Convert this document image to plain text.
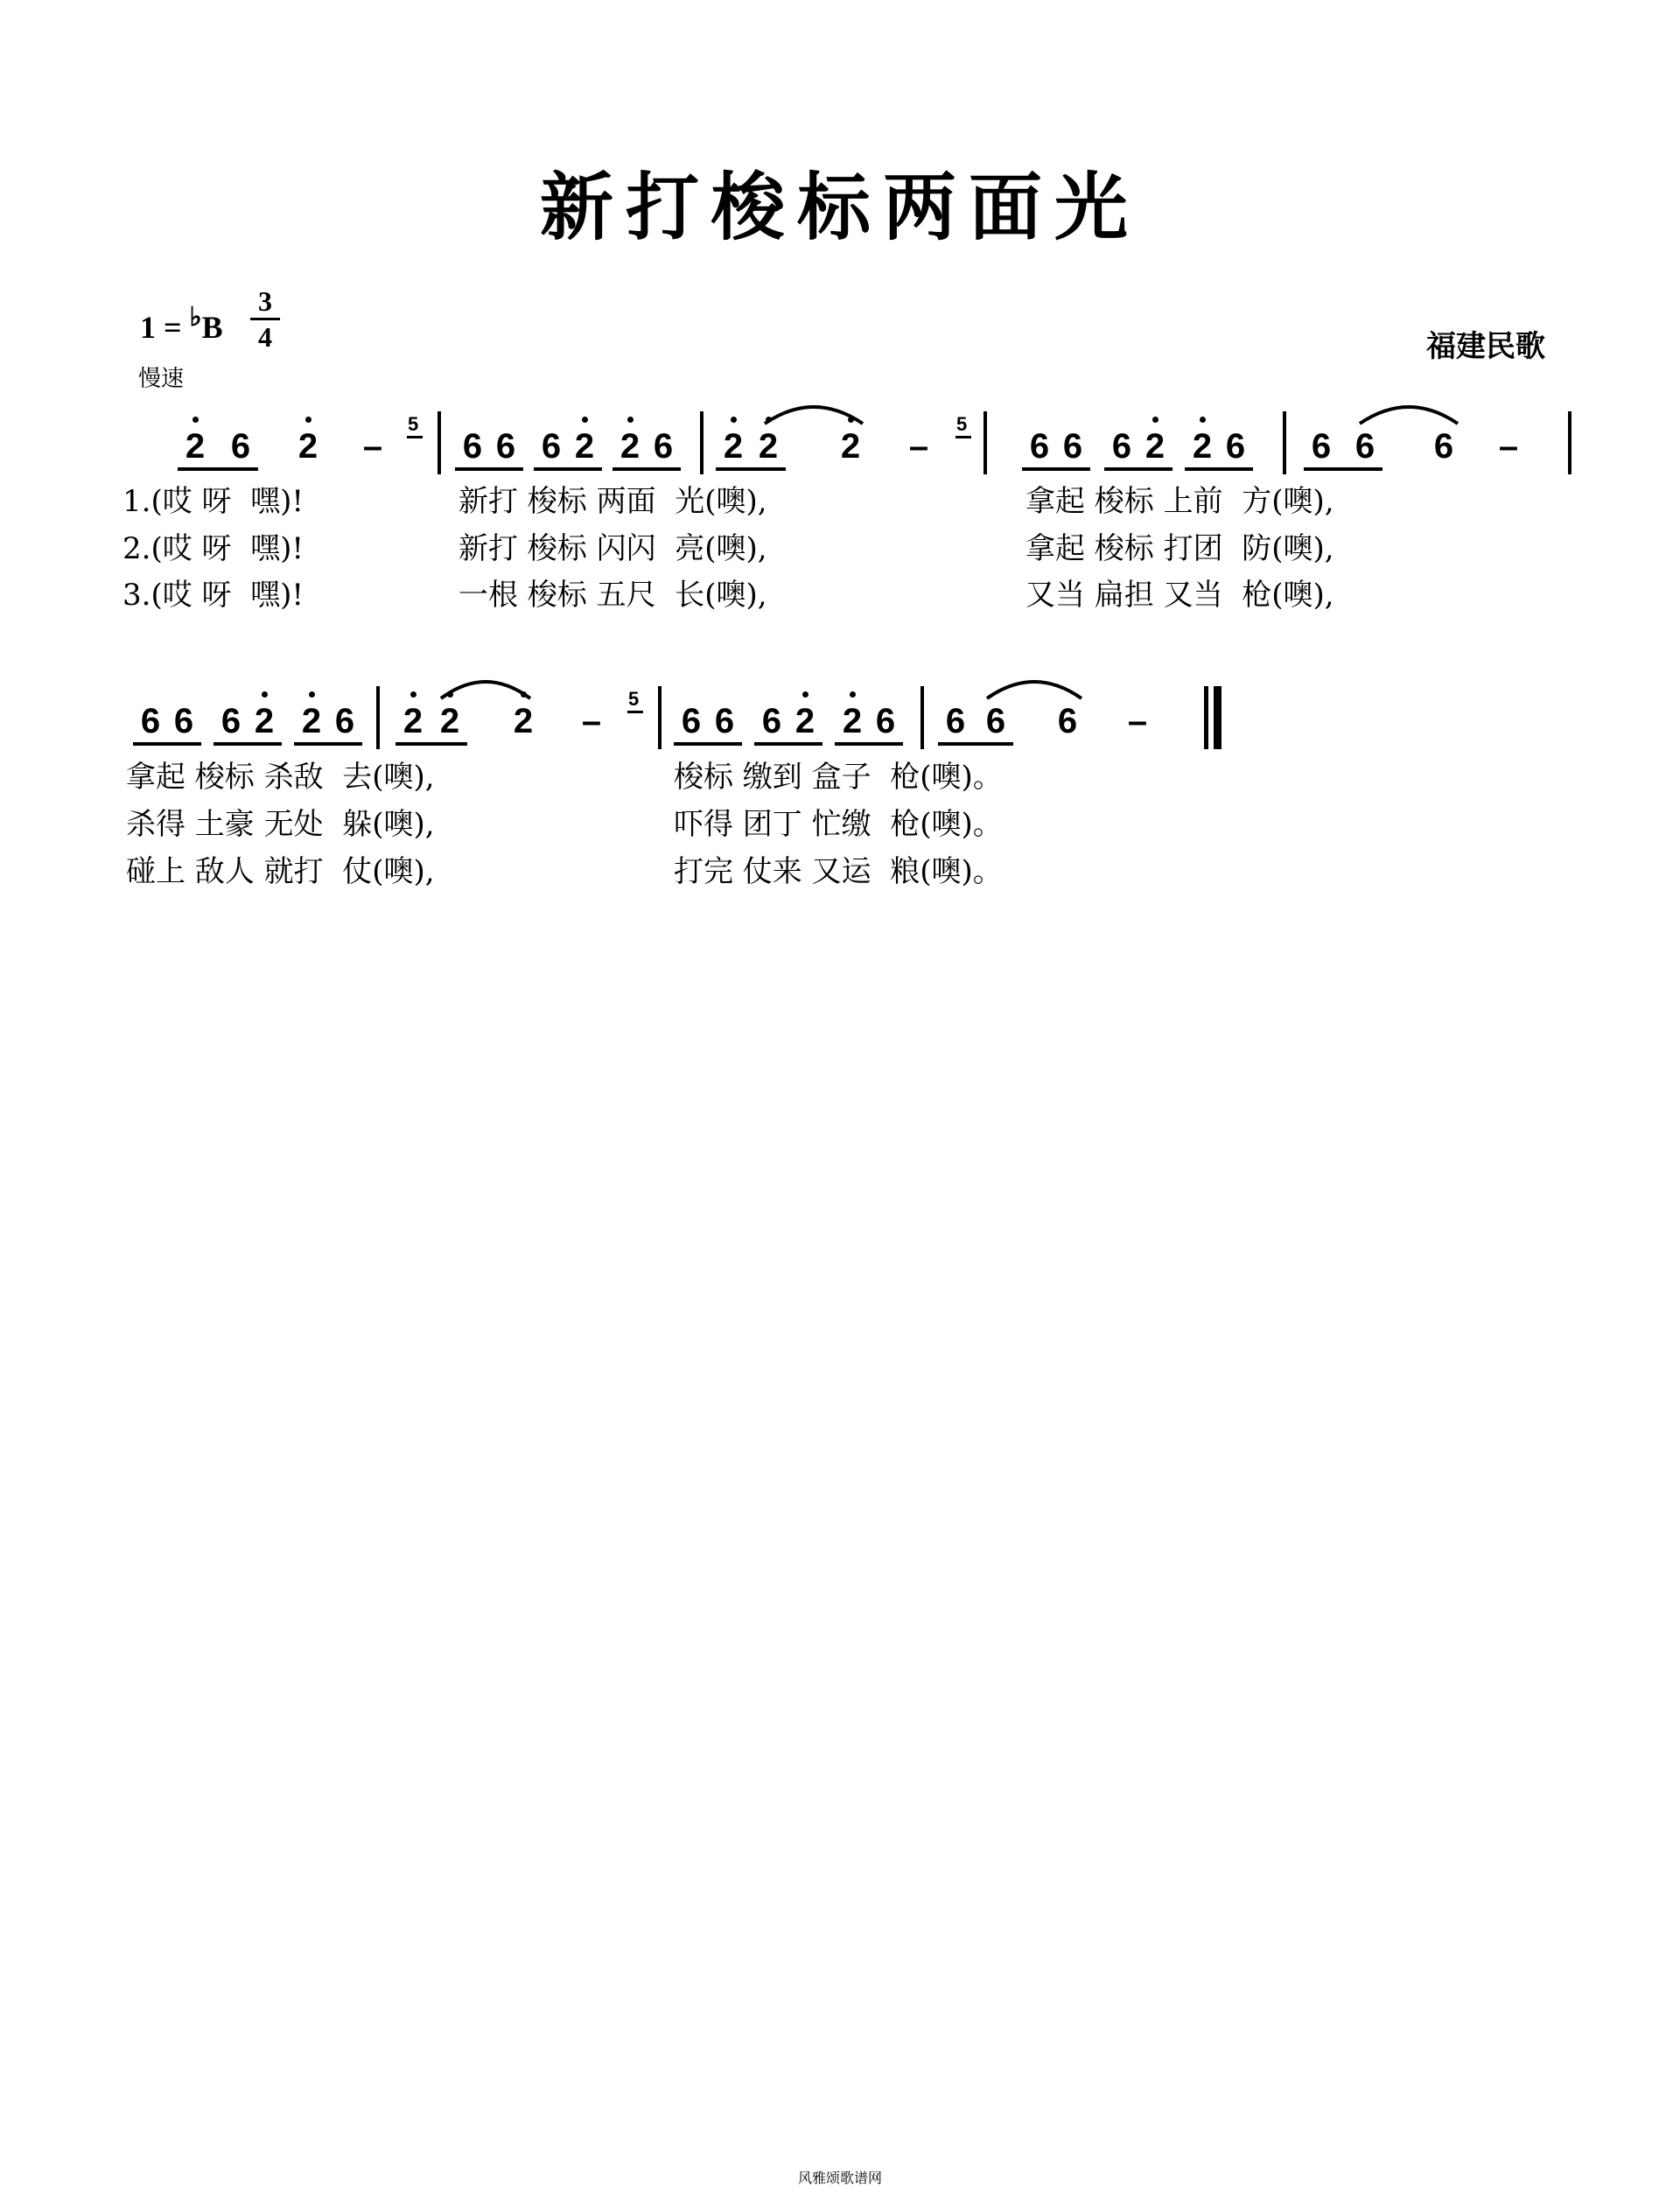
新打梭标两面光
1 = ♭B
3
4
慢速
福建民歌
2 6 2 –
5
6 6 6 2 2 6 2 2 2 –
5
6 6 6 2 2 6 6 6 6 –
1.(哎 呀  嘿)!	新打 梭标 两面  光(噢),	拿起 梭标 上前  方(噢),
2.(哎 呀  嘿)!	新打 梭标 闪闪  亮(噢),	拿起 梭标 打团  防(噢),
3.(哎 呀  嘿)!	一根 梭标 五尺  长(噢),	又当 扁担 又当  枪(噢),
6 6 6 2 2 6 2 2 2 –
5
6 6 6 2 2 6 6 6 6 –
拿起 梭标 杀敌  去(噢),	梭标 缴到 盒子  枪(噢)。
杀得 土豪 无处  躲(噢),	吓得 团丁 忙缴  枪(噢)。
碰上 敌人 就打  仗(噢),	打完 仗来 又运  粮(噢)。
风雅颂歌谱网
